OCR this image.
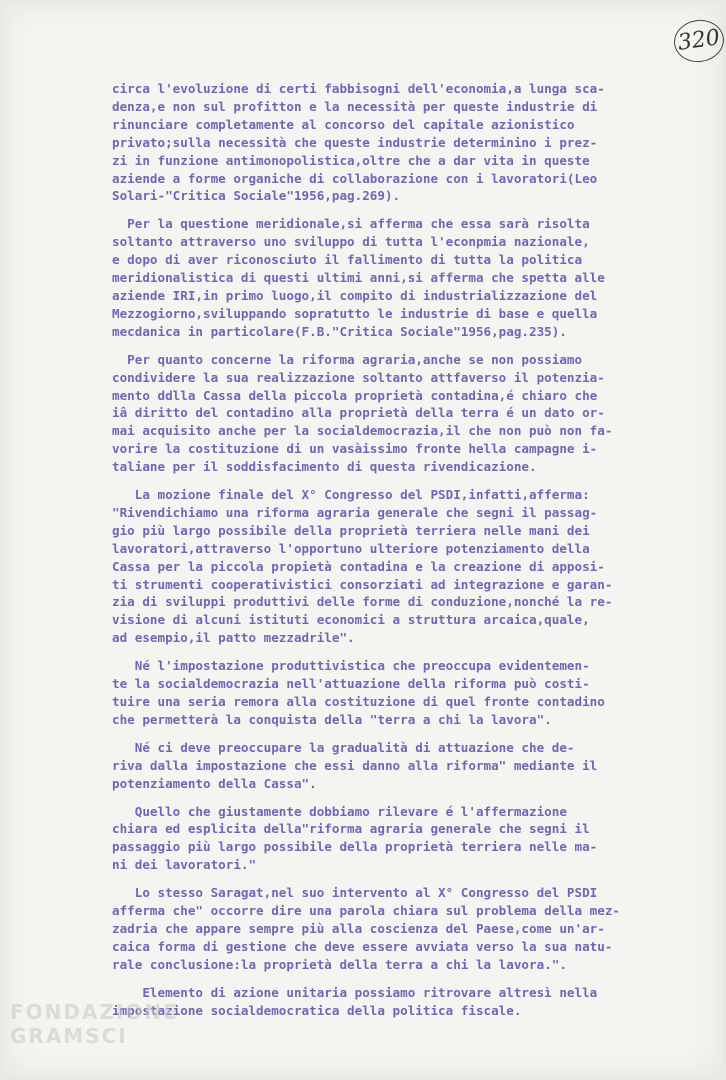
320
circa l'evoluzione di certi fabbisogni dell'economia,a lunga sca-
denza,e non sul profitton e la necessità per queste industrie di
rinunciare completamente al concorso del capitale azionistico
privato;sulla necessità che queste industrie determinino i prez-
zi in funzione antimonopolistica,oltre che a dar vita in queste
aziende a forme organiche di collaborazione con i lavoratori(Leo
Solari-"Critica Sociale"1956,pag.269).
Per la questione meridionale,si afferma che essa sarà risolta
soltanto attraverso uno sviluppo di tutta l'econpmia nazionale,
e dopo di aver riconosciuto il fallimento di tutta la politica
meridionalistica di questi ultimi anni,si afferma che spetta alle
aziende IRI,in primo luogo,il compito di industrializzazione del
Mezzogiorno,sviluppando sopratutto le industrie di base e quella
mecdanica in particolare(F.B."Critica Sociale"1956,pag.235).
Per quanto concerne la riforma agraria,anche se non possiamo
condividere la sua realizzazione soltanto attfaverso il potenzia-
mento ddlla Cassa della piccola proprietà contadina,é chiaro che
iâ diritto del contadino alla proprietà della terra é un dato or-
mai acquisito anche per la socialdemocrazia,il che non può non fa-
vorire la costituzione di un vasàissimo fronte hella campagne i-
taliane per il soddisfacimento di questa rivendicazione.
La mozione finale del X° Congresso del PSDI,infatti,afferma:
"Rivendichiamo una riforma agraria generale che segni il passag-
gio più largo possibile della proprietà terriera nelle mani dei
lavoratori,attraverso l'opportuno ulteriore potenziamento della
Cassa per la piccola propietà contadina e la creazione di apposi-
ti strumenti cooperativistici consorziati ad integrazione e garan-
zia di sviluppi produttivi delle forme di conduzione,nonché la re-
visione di alcuni istituti economici a struttura arcaica,quale,
ad esempio,il patto mezzadrile".
Né l'impostazione produttivistica che preoccupa evidentemen-
te la socialdemocrazia nell'attuazione della riforma può costi-
tuire una seria remora alla costituzione di quel fronte contadino
che permetterà la conquista della "terra a chi la lavora".
Né ci deve preoccupare la gradualità di attuazione che de-
riva dalla impostazione che essi danno alla riforma" mediante il
potenziamento della Cassa".
Quello che giustamente dobbiamo rilevare é l'affermazione
chiara ed esplicita della"riforma agraria generale che segni il
passaggio più largo possibile della proprietà terriera nelle ma-
ni dei lavoratori."
Lo stesso Saragat,nel suo intervento al X° Congresso del PSDI
afferma che" occorre dire una parola chiara sul problema della mez-
zadria che appare sempre più alla coscienza del Paese,come un'ar-
caica forma di gestione che deve essere avviata verso la sua natu-
rale conclusione:la proprietà della terra a chi la lavora.".
Elemento di azione unitaria possiamo ritrovare altresì nella
impostazione socialdemocratica della politica fiscale.
FONDAZIONE
GRAMSCI
